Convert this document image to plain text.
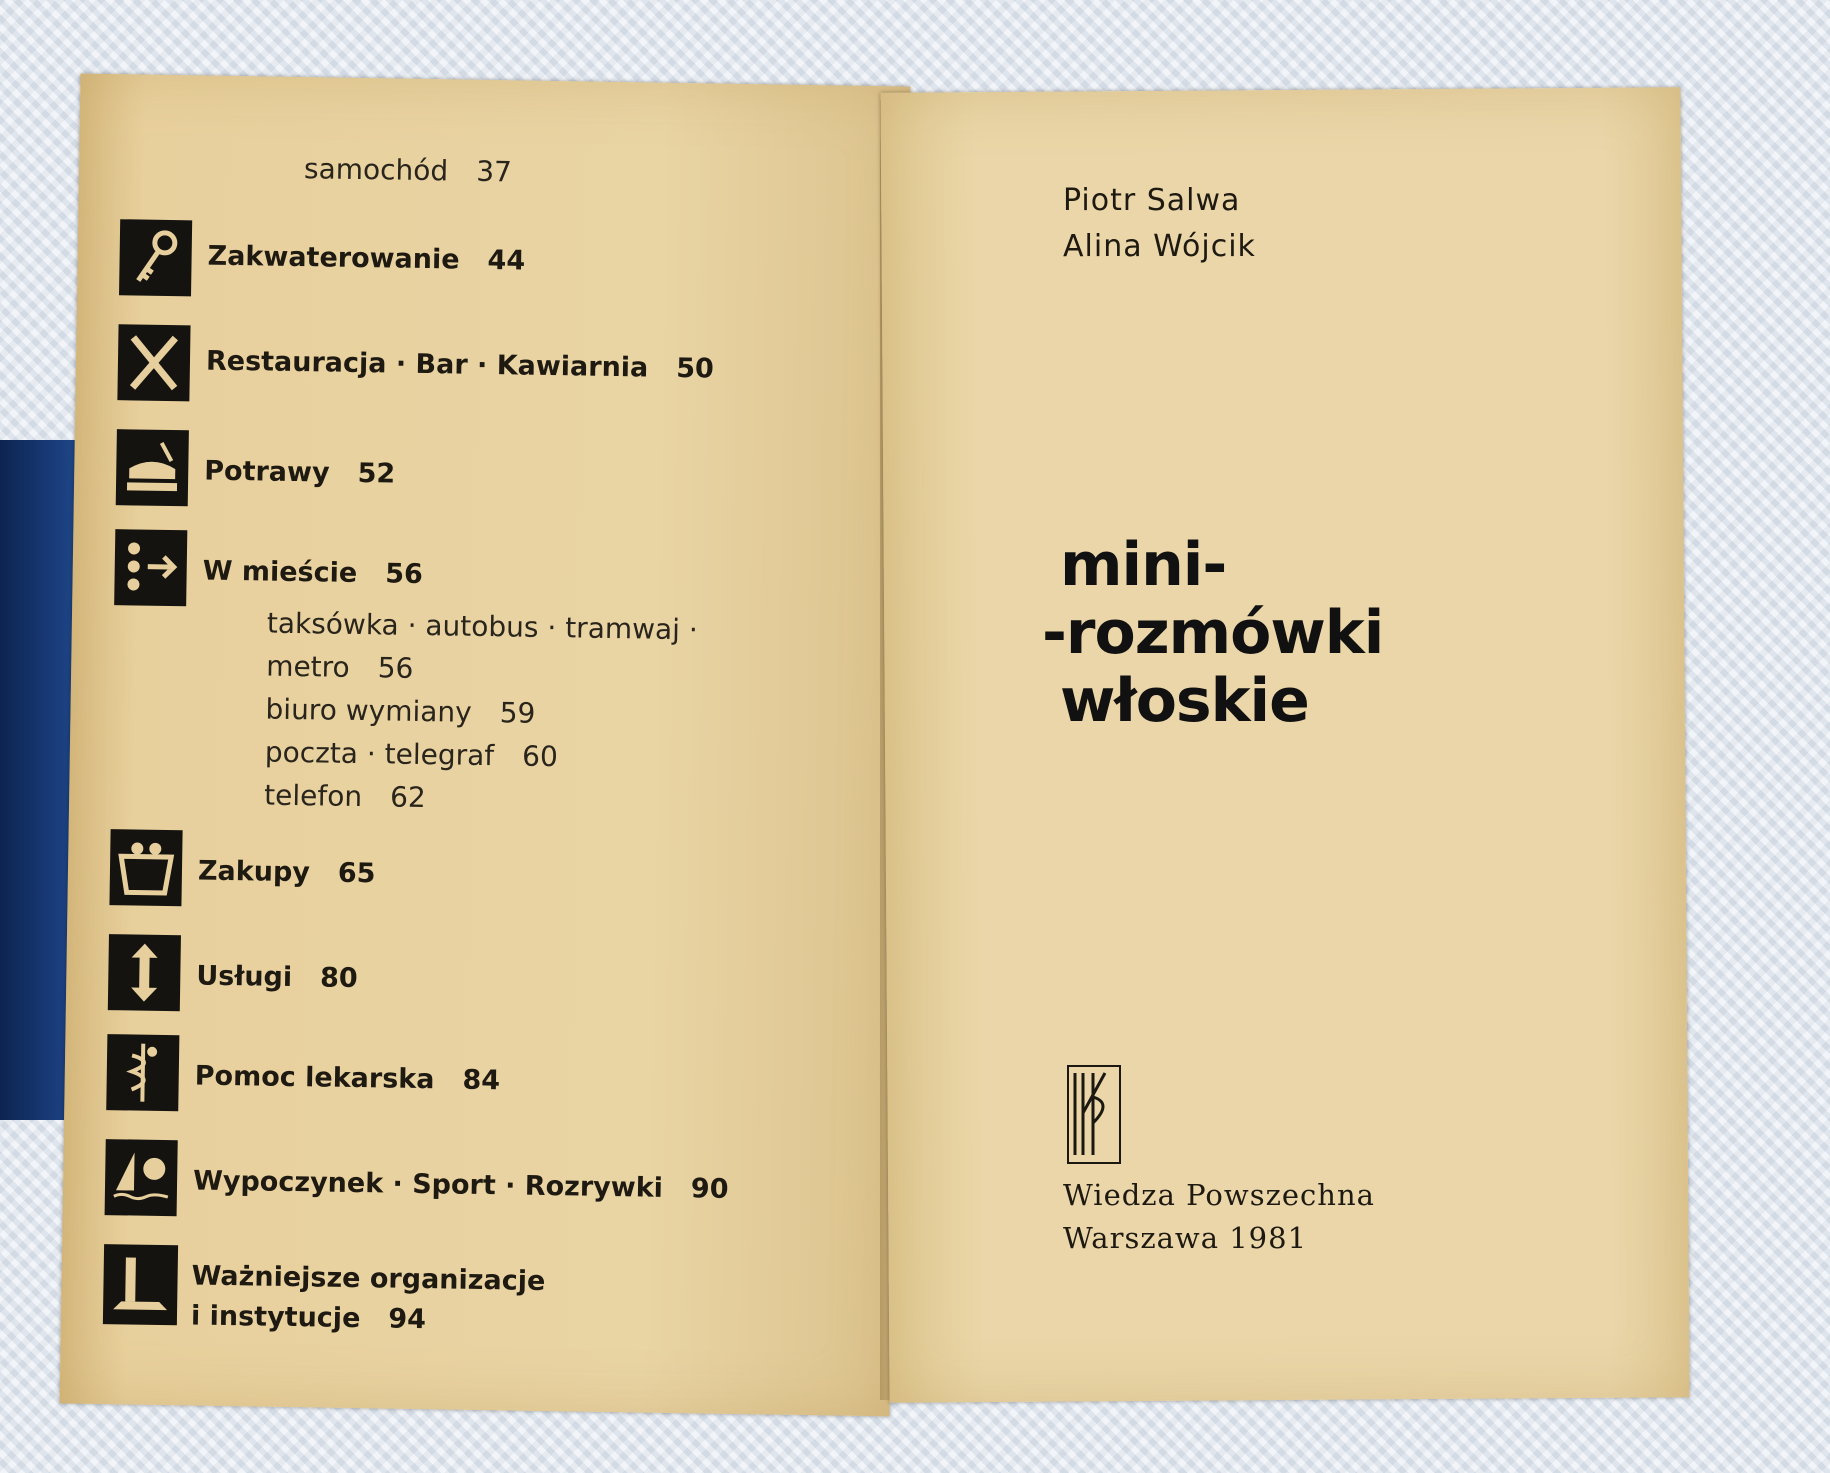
samochód 37
Zakwaterowanie 44
Restauracja · Bar · Kawiarnia 50
Potrawy 52
W mieście 56
taksówka · autobus · tramwaj ·
metro 56
biuro wymiany 59
poczta · telegraf 60
telefon 62
Zakupy 65
Usługi 80
Pomoc lekarska 84
Wypoczynek · Sport · Rozrywki 90
Ważniejsze organizacje
i instytucje 94
Piotr Salwa
Alina Wójcik
mini-
-rozmówki
włoskie
Wiedza Powszechna
Warszawa 1981
